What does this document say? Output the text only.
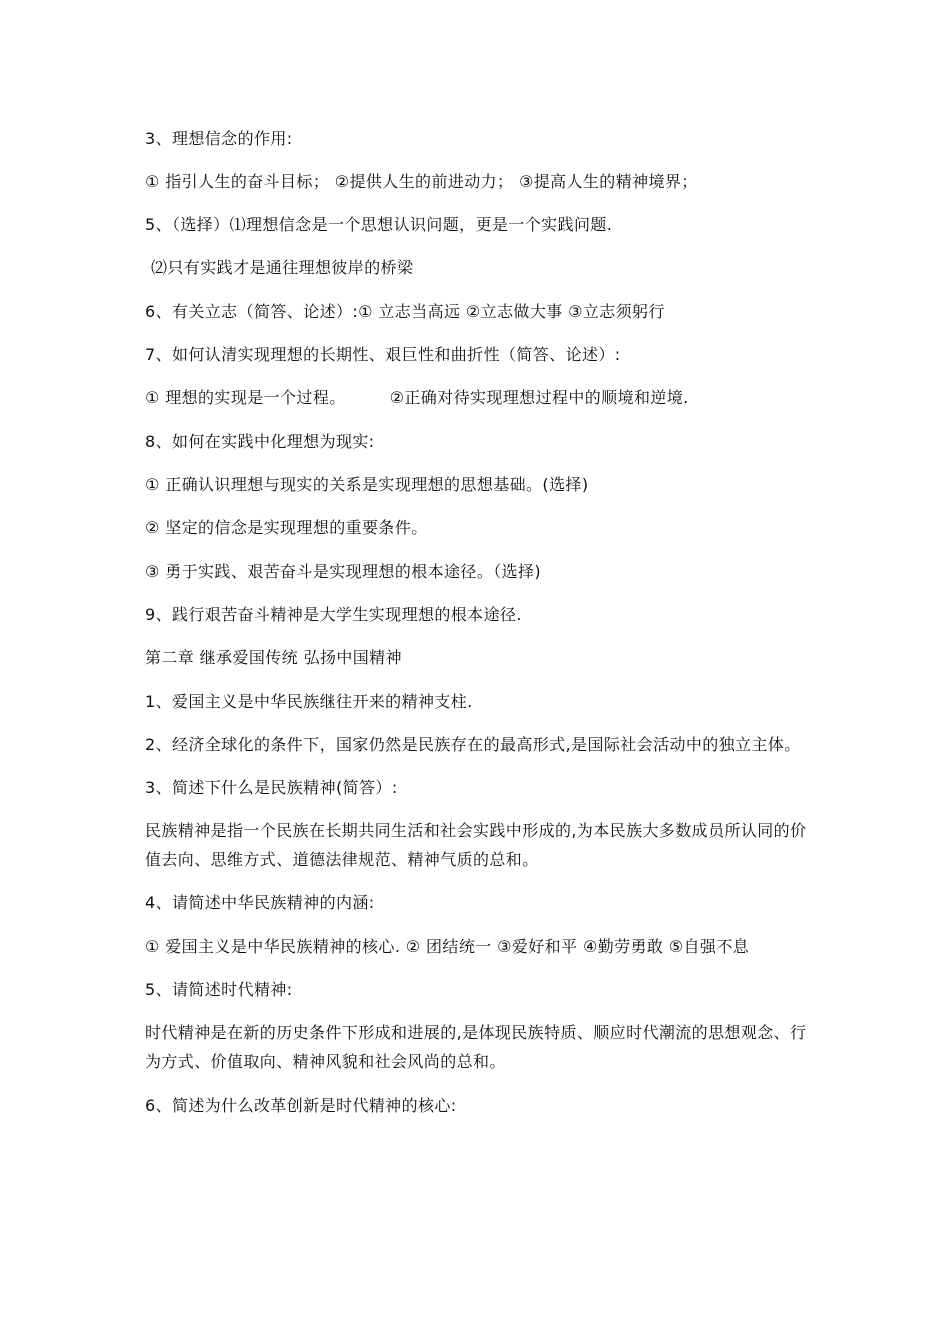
3、理想信念的作用:

① 指引人生的奋斗目标； ②提供人生的前进动力； ③提高人生的精神境界；

5、（选择）⑴理想信念是一个思想认识问题，更是一个实践问题.

⑵只有实践才是通往理想彼岸的桥梁

6、有关立志（简答、论述）:① 立志当高远 ②立志做大事 ③立志须躬行

7、如何认清实现理想的长期性、艰巨性和曲折性（简答、论述）:

① 理想的实现是一个过程。	②正确对待实现理想过程中的顺境和逆境.

8、如何在实践中化理想为现实:

① 正确认识理想与现实的关系是实现理想的思想基础。(选择)

② 坚定的信念是实现理想的重要条件。

③ 勇于实践、艰苦奋斗是实现理想的根本途径。（选择)

9、践行艰苦奋斗精神是大学生实现理想的根本途径.

第二章 继承爱国传统 弘扬中国精神

1、爱国主义是中华民族继往开来的精神支柱.

2、经济全球化的条件下，国家仍然是民族存在的最高形式,是国际社会活动中的独立主体。

3、简述下什么是民族精神(简答）:

民族精神是指一个民族在长期共同生活和社会实践中形成的,为本民族大多数成员所认同的价值去向、思维方式、道德法律规范、精神气质的总和。

4、请简述中华民族精神的内涵:

① 爱国主义是中华民族精神的核心. ② 团结统一 ③爱好和平 ④勤劳勇敢 ⑤自强不息

5、请简述时代精神:

时代精神是在新的历史条件下形成和进展的,是体现民族特质、顺应时代潮流的思想观念、行为方式、价值取向、精神风貌和社会风尚的总和。

6、简述为什么改革创新是时代精神的核心:
